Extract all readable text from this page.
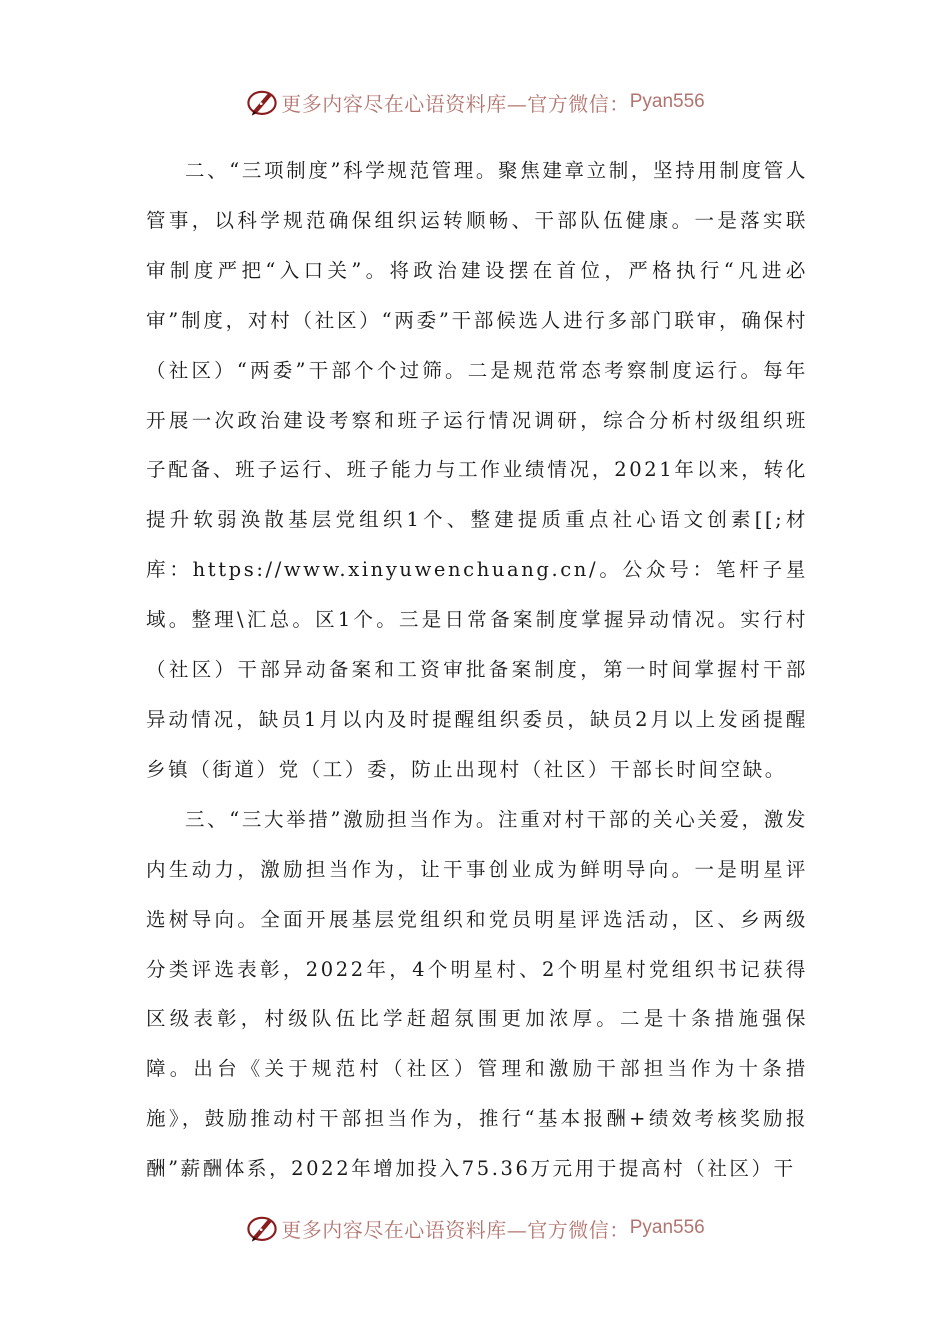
更多内容尽在心语资料库—官方微信： Pyan556

二、“三项制度”科学规范管理。聚焦建章立制，坚持用制度管人管事，以科学规范确保组织运转顺畅、干部队伍健康。一是落实联审制度严把“入口关”。将政治建设摆在首位，严格执行“凡进必审”制度，对村（社区）“两委”干部候选人进行多部门联审，确保村（社区）“两委”干部个个过筛。二是规范常态考察制度运行。每年开展一次政治建设考察和班子运行情况调研，综合分析村级组织班子配备、班子运行、班子能力与工作业绩情况，2021年以来，转化提升软弱涣散基层党组织1个、整建提质重点社心语文创素[[;材库：https://www.xinyuwenchuang.cn/。公众号：笔杆子星域。整理\汇总。区1个。三是日常备案制度掌握异动情况。实行村（社区）干部异动备案和工资审批备案制度，第一时间掌握村干部异动情况，缺员1月以内及时提醒组织委员，缺员2月以上发函提醒乡镇（街道）党（工）委，防止出现村（社区）干部长时间空缺。

三、“三大举措”激励担当作为。注重对村干部的关心关爱，激发内生动力，激励担当作为，让干事创业成为鲜明导向。一是明星评选树导向。全面开展基层党组织和党员明星评选活动，区、乡两级分类评选表彰，2022年，4个明星村、2个明星村党组织书记获得区级表彰，村级队伍比学赶超氛围更加浓厚。二是十条措施强保障。出台《关于规范村（社区）管理和激励干部担当作为十条措施》，鼓励推动村干部担当作为，推行“基本报酬+绩效考核奖励报酬”薪酬体系，2022年增加投入75.36万元用于提高村（社区）干

更多内容尽在心语资料库—官方微信： Pyan556
